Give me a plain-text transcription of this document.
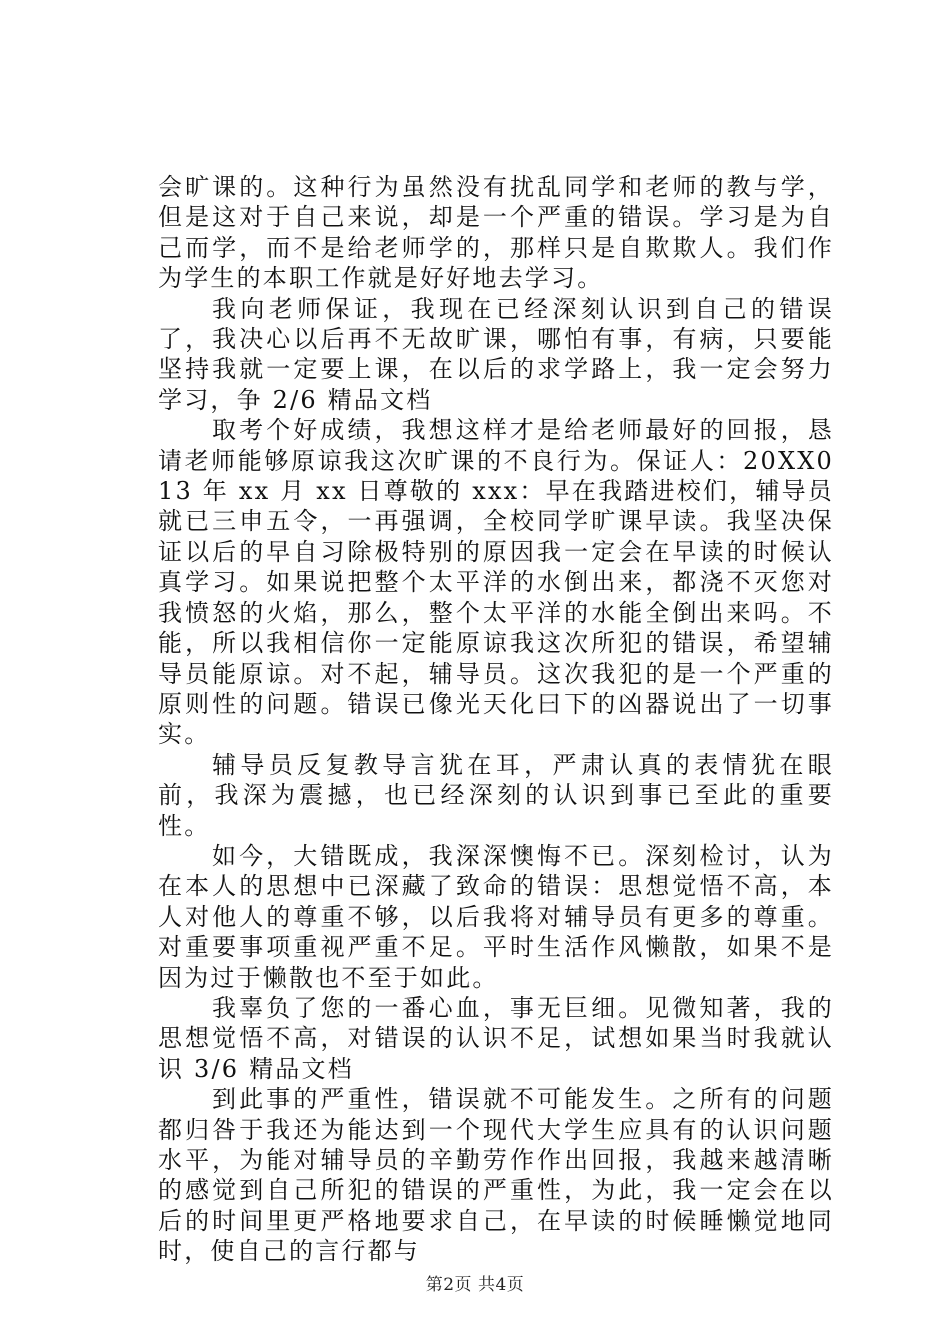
会旷课的。这种行为虽然没有扰乱同学和老师的教与学，但是这对于自己来说，却是一个严重的错误。学习是为自己而学，而不是给老师学的，那样只是自欺欺人。我们作为学生的本职工作就是好好地去学习。

我向老师保证，我现在已经深刻认识到自己的错误了，我决心以后再不无故旷课，哪怕有事，有病，只要能坚持我就一定要上课，在以后的求学路上，我一定会努力学习，争 2/6 精品文档

取考个好成绩，我想这样才是给老师最好的回报，恳请老师能够原谅我这次旷课的不良行为。保证人：20XX013 年 xx 月 xx 日尊敬的 xxx：早在我踏进校们，辅导员就已三申五令，一再强调，全校同学旷课早读。我坚决保证以后的早自习除极特别的原因我一定会在早读的时候认真学习。如果说把整个太平洋的水倒出来，都浇不灭您对我愤怒的火焰，那么，整个太平洋的水能全倒出来吗。不能，所以我相信你一定能原谅我这次所犯的错误，希望辅导员能原谅。对不起，辅导员。这次我犯的是一个严重的原则性的问题。错误已像光天化曰下的凶器说出了一切事实。

辅导员反复教导言犹在耳，严肃认真的表情犹在眼前，我深为震撼，也已经深刻的认识到事已至此的重要性。

如今，大错既成，我深深懊悔不已。深刻检讨，认为在本人的思想中已深藏了致命的错误：思想觉悟不高，本人对他人的尊重不够，以后我将对辅导员有更多的尊重。对重要事项重视严重不足。平时生活作风懒散，如果不是因为过于懒散也不至于如此。

我辜负了您的一番心血，事无巨细。见微知著，我的思想觉悟不高，对错误的认识不足，试想如果当时我就认识 3/6 精品文档

到此事的严重性，错误就不可能发生。之所有的问题都归咎于我还为能达到一个现代大学生应具有的认识问题水平，为能对辅导员的辛勤劳作作出回报，我越来越清晰的感觉到自己所犯的错误的严重性，为此，我一定会在以后的时间里更严格地要求自己，在早读的时候睡懒觉地同时，使自己的言行都与

第2页 共4页
